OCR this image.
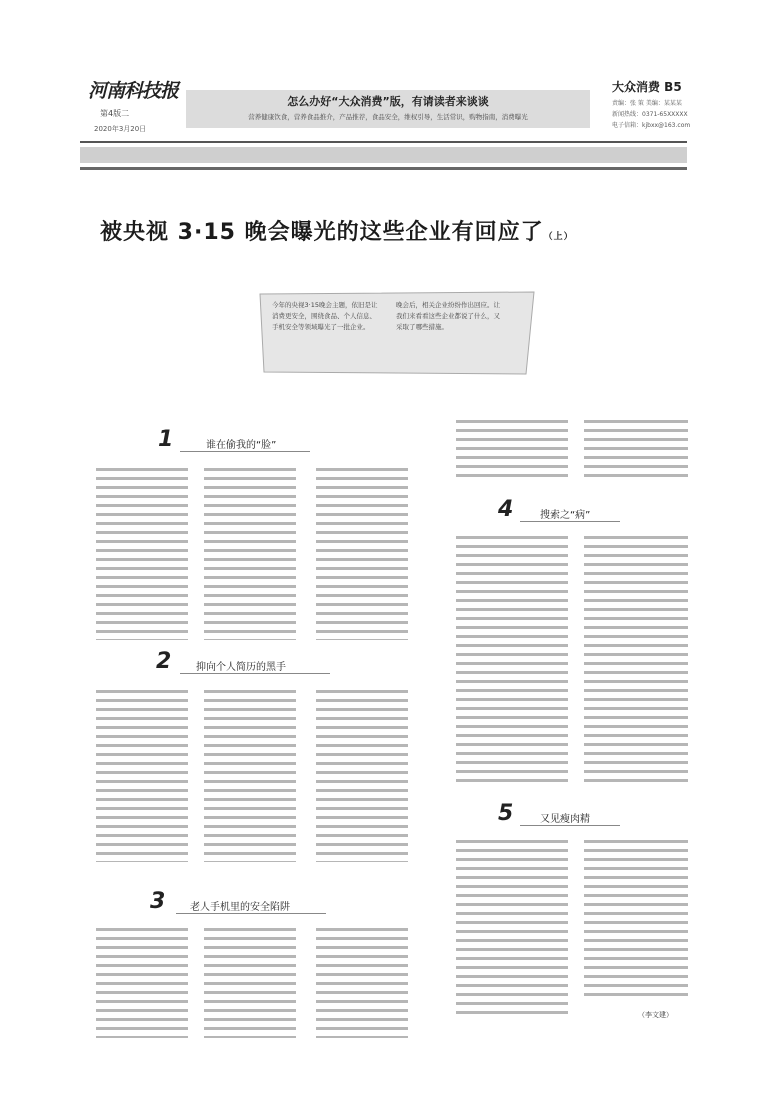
河南科技报
第4版二
2020年3月20日
怎么办好“大众消费”版，有请读者来谈谈
营养健康饮食，营养食品推介，产品推荐，食品安全，维权引导，生活常识，购物指南，消费曝光
大众消费 B5
责编：张 策 美编：某某某
新闻热线：0371-65XXXXX
电子信箱：kjbxx@163.com
被央视 3·15 晚会曝光的这些企业有回应了（上）
今年的央视3·15晚会主题，依旧是让消费更安全，围绕食品、个人信息、手机安全等领域曝光了一批企业。
晚会后，相关企业纷纷作出回应。让我们来看看这些企业都说了什么，又采取了哪些措施。
1	谁在偷我的“脸”
2 抑向个人简历的黑手
3 老人手机里的安全陷阱
4	搜索之“病”
5	又见瘦肉精
（李文建）
